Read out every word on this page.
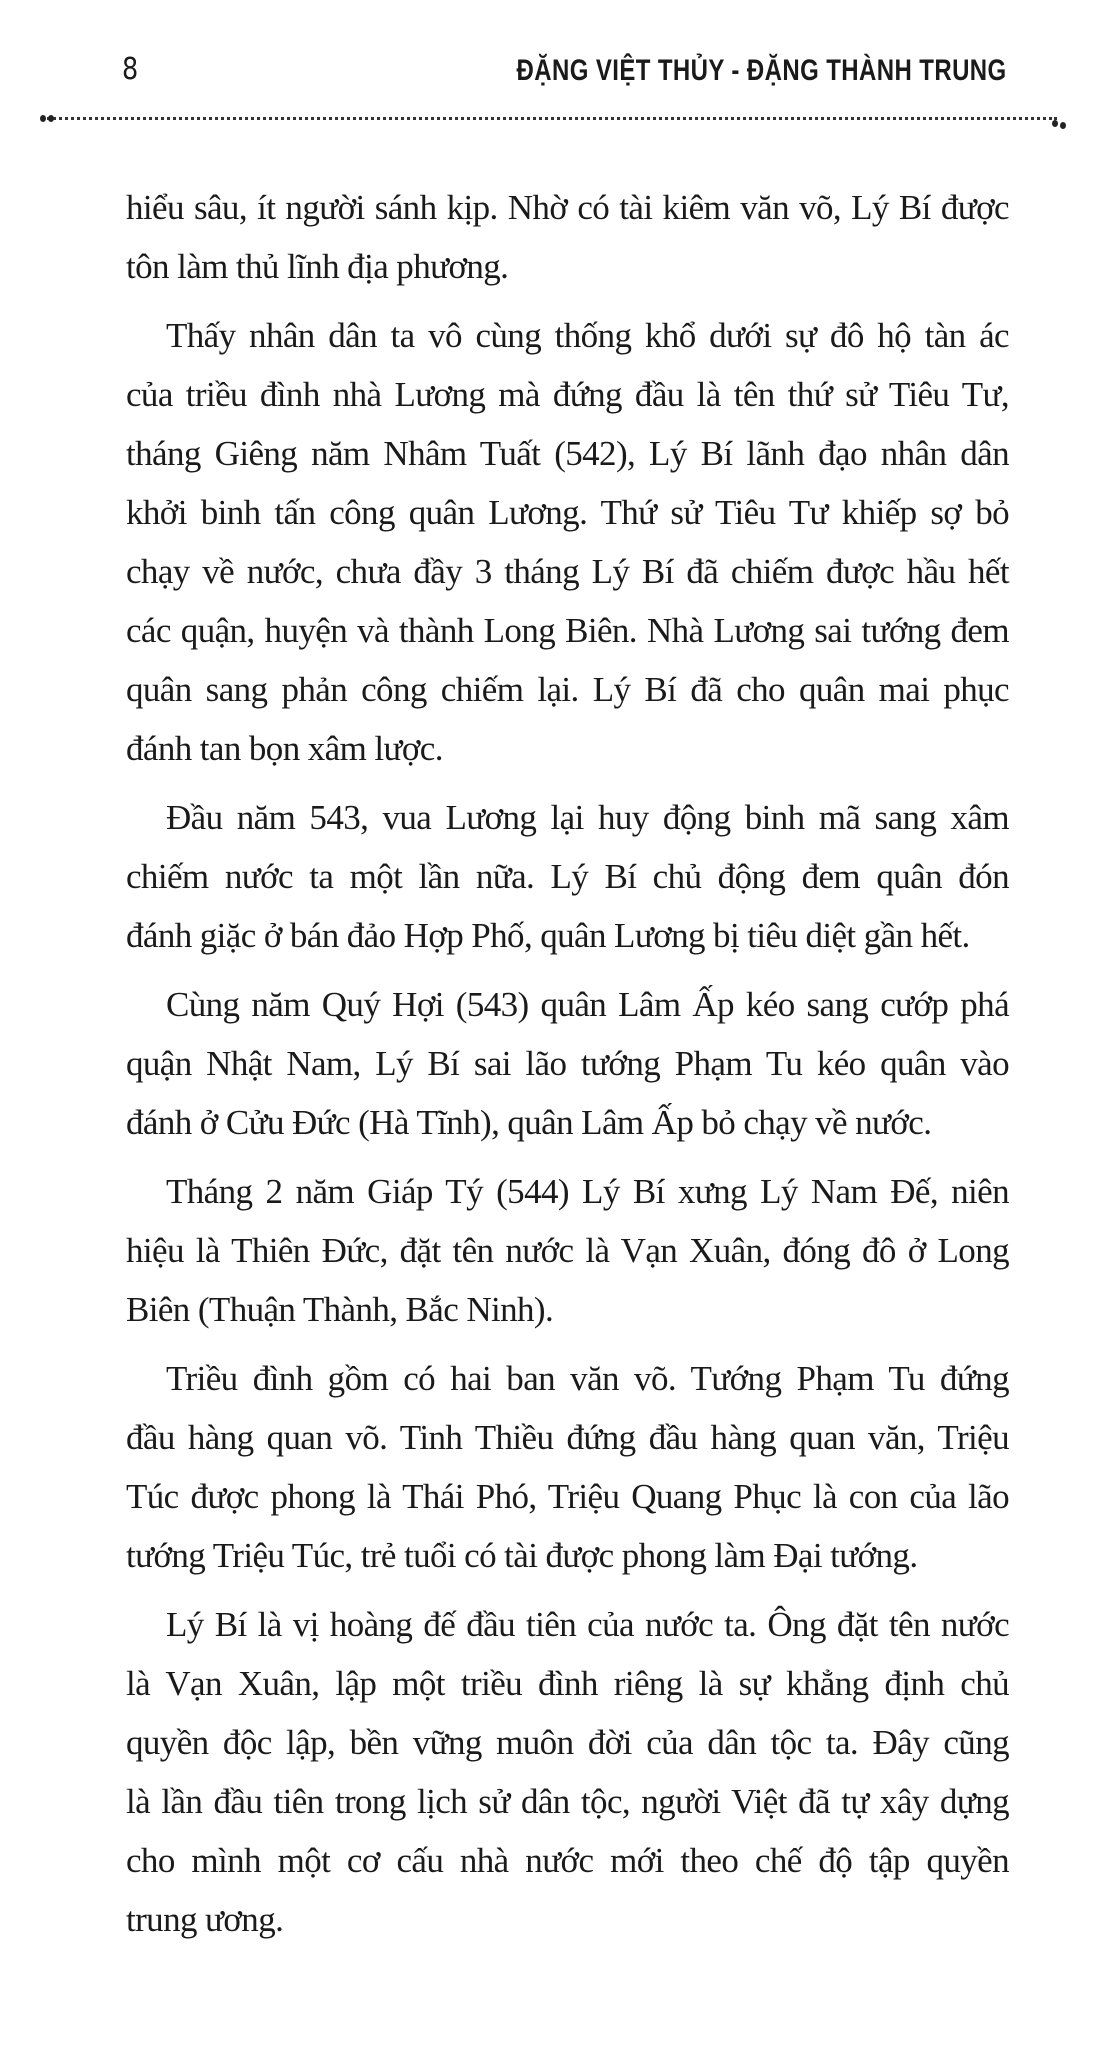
8	ĐẶNG VIỆT THỦY - ĐẶNG THÀNH TRUNG
hiểu sâu, ít người sánh kịp. Nhờ có tài kiêm văn võ, Lý Bí được
tôn làm thủ lĩnh địa phương.
Thấy nhân dân ta vô cùng thống khổ dưới sự đô hộ tàn ác
của triều đình nhà Lương mà đứng đầu là tên thứ sử Tiêu Tư,
tháng Giêng năm Nhâm Tuất (542), Lý Bí lãnh đạo nhân dân
khởi binh tấn công quân Lương. Thứ sử Tiêu Tư khiếp sợ bỏ
chạy về nước, chưa đầy 3 tháng Lý Bí đã chiếm được hầu hết
các quận, huyện và thành Long Biên. Nhà Lương sai tướng đem
quân sang phản công chiếm lại. Lý Bí đã cho quân mai phục
đánh tan bọn xâm lược.
Đầu năm 543, vua Lương lại huy động binh mã sang xâm
chiếm nước ta một lần nữa. Lý Bí chủ động đem quân đón
đánh giặc ở bán đảo Hợp Phố, quân Lương bị tiêu diệt gần hết.
Cùng năm Quý Hợi (543) quân Lâm Ấp kéo sang cướp phá
quận Nhật Nam, Lý Bí sai lão tướng Phạm Tu kéo quân vào
đánh ở Cửu Đức (Hà Tĩnh), quân Lâm Ấp bỏ chạy về nước.
Tháng 2 năm Giáp Tý (544) Lý Bí xưng Lý Nam Đế, niên
hiệu là Thiên Đức, đặt tên nước là Vạn Xuân, đóng đô ở Long
Biên (Thuận Thành, Bắc Ninh).
Triều đình gồm có hai ban văn võ. Tướng Phạm Tu đứng
đầu hàng quan võ. Tinh Thiều đứng đầu hàng quan văn, Triệu
Túc được phong là Thái Phó, Triệu Quang Phục là con của lão
tướng Triệu Túc, trẻ tuổi có tài được phong làm Đại tướng.
Lý Bí là vị hoàng đế đầu tiên của nước ta. Ông đặt tên nước
là Vạn Xuân, lập một triều đình riêng là sự khẳng định chủ
quyền độc lập, bền vững muôn đời của dân tộc ta. Đây cũng
là lần đầu tiên trong lịch sử dân tộc, người Việt đã tự xây dựng
cho mình một cơ cấu nhà nước mới theo chế độ tập quyền
trung ương.
